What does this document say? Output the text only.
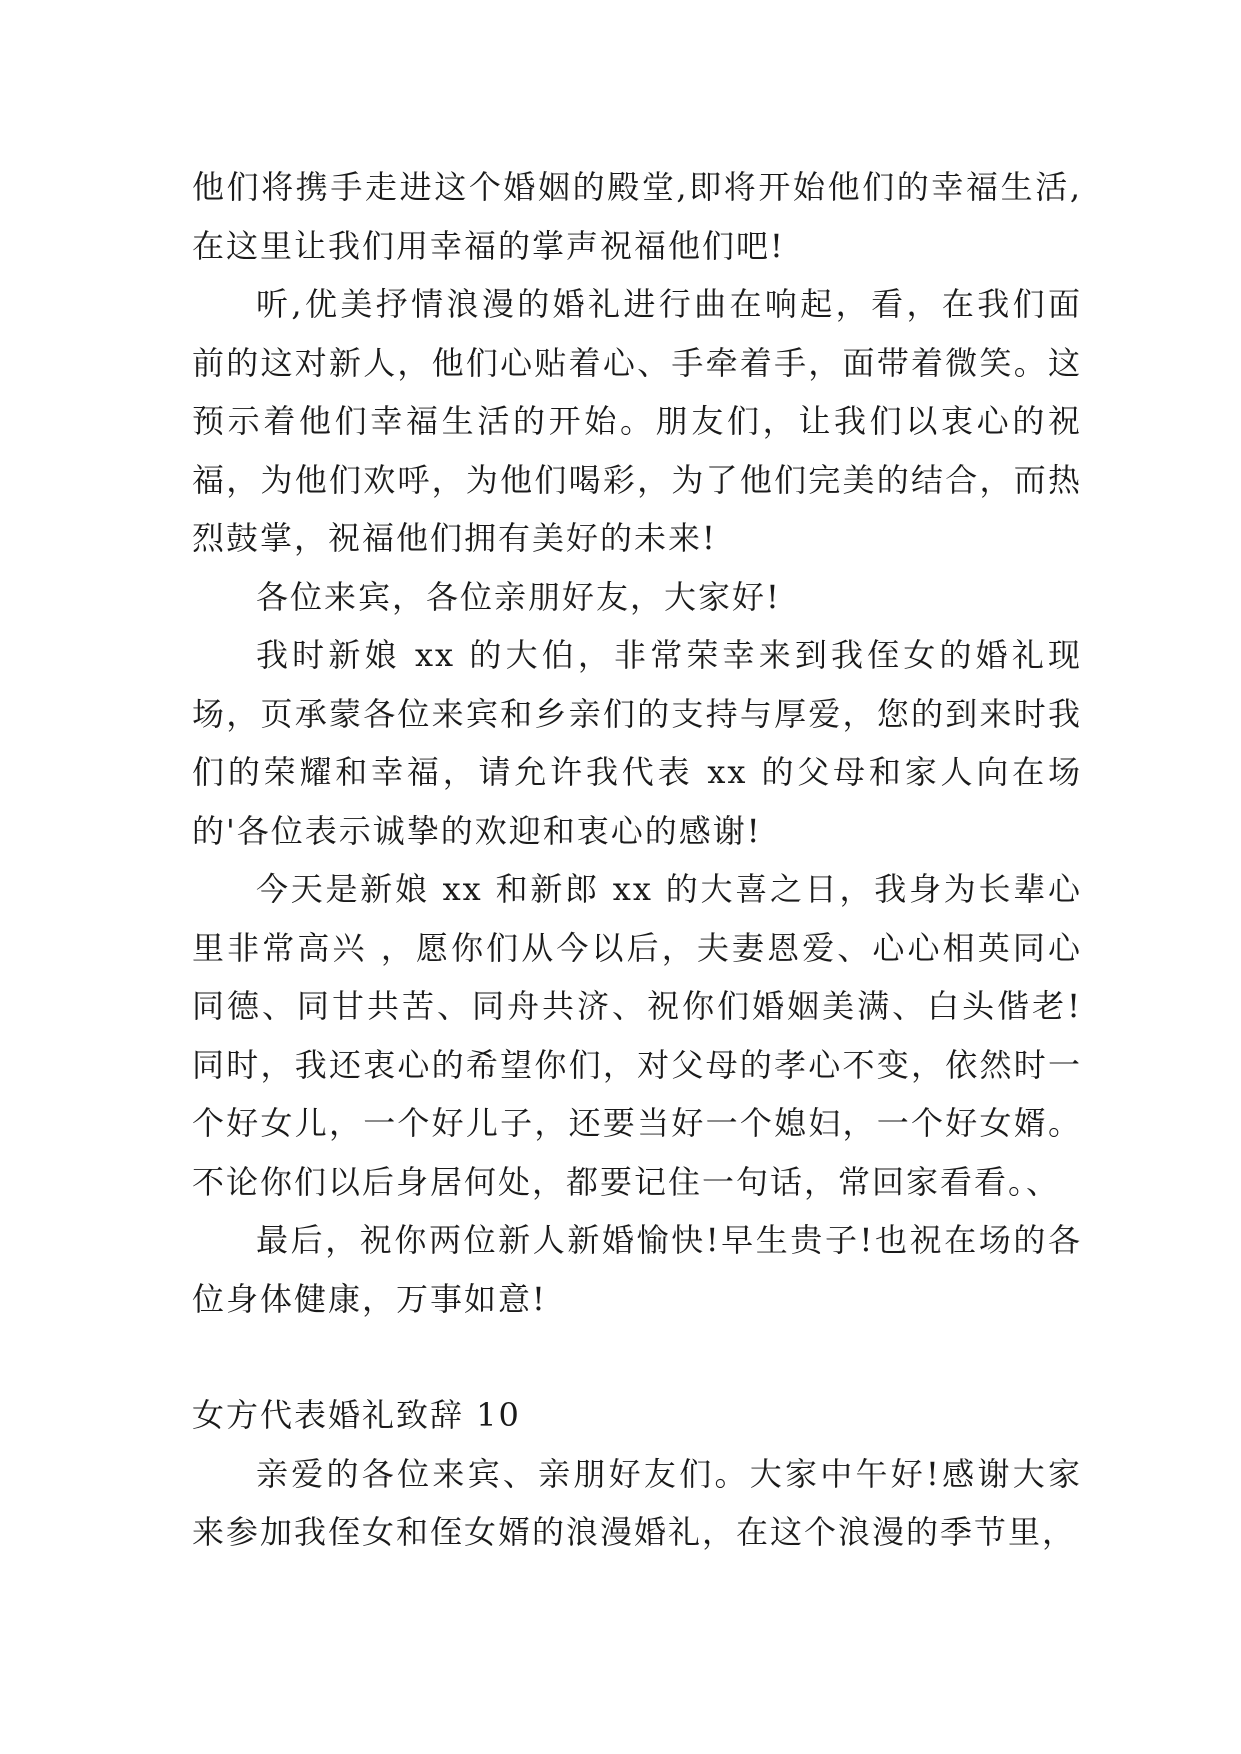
他们将携手走进这个婚姻的殿堂,即将开始他们的幸福生活,在这里让我们用幸福的掌声祝福他们吧!

听,优美抒情浪漫的婚礼进行曲在响起，看，在我们面前的这对新人，他们心贴着心、手牵着手，面带着微笑。这预示着他们幸福生活的开始。朋友们，让我们以衷心的祝福，为他们欢呼，为他们喝彩，为了他们完美的结合，而热烈鼓掌，祝福他们拥有美好的未来!

各位来宾，各位亲朋好友，大家好!

我时新娘 xx 的大伯，非常荣幸来到我侄女的婚礼现场，页承蒙各位来宾和乡亲们的支持与厚爱，您的到来时我们的荣耀和幸福，请允许我代表 xx 的父母和家人向在场的'各位表示诚挚的欢迎和衷心的感谢!

今天是新娘 xx 和新郎 xx 的大喜之日，我身为长辈心里非常高兴 ，愿你们从今以后，夫妻恩爱、心心相英同心同德、同甘共苦、同舟共济、祝你们婚姻美满、白头偕老!同时，我还衷心的希望你们，对父母的孝心不变，依然时一个好女儿，一个好儿子，还要当好一个媳妇，一个好女婿。不论你们以后身居何处，都要记住一句话，常回家看看。、

最后，祝你两位新人新婚愉快!早生贵子!也祝在场的各位身体健康，万事如意!

女方代表婚礼致辞 10

亲爱的各位来宾、亲朋好友们。大家中午好!感谢大家来参加我侄女和侄女婿的浪漫婚礼，在这个浪漫的季节里，
